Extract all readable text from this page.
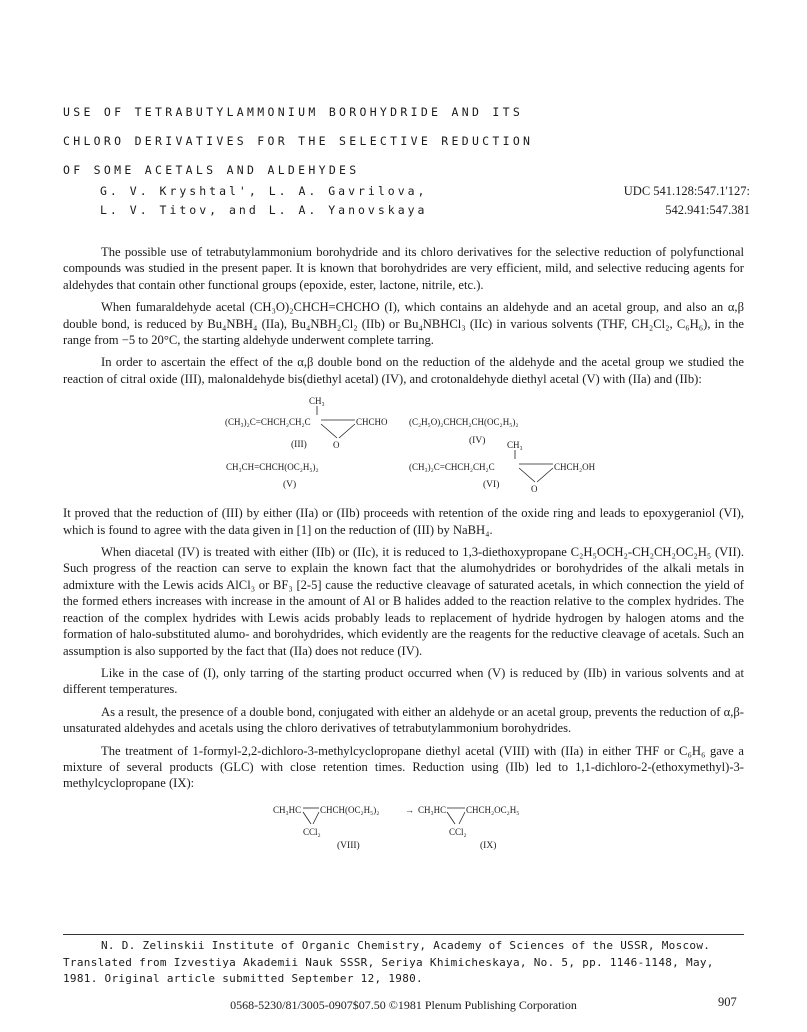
USE OF TETRABUTYLAMMONIUM BOROHYDRIDE AND ITS
CHLORO DERIVATIVES FOR THE SELECTIVE REDUCTION
OF SOME ACETALS AND ALDEHYDES
G. V. Kryshtal', L. A. Gavrilova,
L. V. Titov, and L. A. Yanovskaya
UDC 541.128:547.1'127:
542.941:547.381

The possible use of tetrabutylammonium borohydride and its chloro derivatives for the selective reduction of polyfunctional compounds was studied in the present paper. It is known that borohydrides are very efficient, mild, and selective reducing agents for aldehydes that contain other functional groups (epoxide, ester, lactone, nitrile, etc.).

When fumaraldehyde acetal (CH₃O)₂CHCH=CHCHO (I), which contains an aldehyde and an acetal group, and also an α,β double bond, is reduced by Bu₄NBH₄ (IIa), Bu₄NBH₂Cl₂ (IIb) or Bu₄NBHCl₃ (IIc) in various solvents (THF, CH₂Cl₂, C₆H₆), in the range from −5 to 20°C, the starting aldehyde underwent complete tarring.

In order to ascertain the effect of the α,β double bond on the reduction of the aldehyde and the acetal group we studied the reaction of citral oxide (III), malonaldehyde bis(diethyl acetal) (IV), and crotonaldehyde diethyl acetal (V) with (IIa) and (IIb):

CH₃
(CH₃)₂C=CHCH₂CH₂C	CHCHO
O
(III)
(C₂H₅O)₂CHCH₂CH(OC₂H₅)₂
(IV) CH₃
CH₃CH=CHCH(OC₂H₅)₂
(V)
(CH₃)₂C=CHCH₂CH₂C	CHCH₂OH
O
(VI)

It proved that the reduction of (III) by either (IIa) or (IIb) proceeds with retention of the oxide ring and leads to epoxygeraniol (VI), which is found to agree with the data given in [1] on the reduction of (III) by NaBH₄.

When diacetal (IV) is treated with either (IIb) or (IIc), it is reduced to 1,3-diethoxypropane C₂H₅OCH₂-CH₂CH₂OC₂H₅ (VII). Such progress of the reaction can serve to explain the known fact that the alumohydrides or borohydrides of the alkali metals in admixture with the Lewis acids AlCl₃ or BF₃ [2-5] cause the reductive cleavage of saturated acetals, in which connection the yield of the formed ethers increases with increase in the amount of Al or B halides added to the reaction relative to the complex hydrides. The reaction of the complex hydrides with Lewis acids probably leads to replacement of hydride hydrogen by halogen atoms and the formation of halo-substituted alumo- and borohydrides, which evidently are the reagents for the reductive cleavage of acetals. Such an assumption is also supported by the fact that (IIa) does not reduce (IV).

Like in the case of (I), only tarring of the starting product occurred when (V) is reduced by (IIb) in various solvents and at different temperatures.

As a result, the presence of a double bond, conjugated with either an aldehyde or an acetal group, prevents the reduction of α,β-unsaturated aldehydes and acetals using the chloro derivatives of tetrabutylammonium borohydrides.

The treatment of 1-formyl-2,2-dichloro-3-methylcyclopropane diethyl acetal (VIII) with (IIa) in either THF or C₆H₆ gave a mixture of several products (GLC) with close retention times. Reduction using (IIb) led to 1,1-dichloro-2-(ethoxymethyl)-3-methylcyclopropane (IX):

CH₃HC CHCH(OC₂H₅)₂	→ CH₃HC CHCH₂OC₂H₅
CCl₂	CCl₂
(VIII)	(IX)
N. D. Zelinskii Institute of Organic Chemistry, Academy of Sciences of the USSR, Moscow. Translated from Izvestiya Akademii Nauk SSSR, Seriya Khimicheskaya, No. 5, pp. 1146-1148, May, 1981. Original article submitted September 12, 1980.
0568-5230/81/3005-0907$07.50 ©1981 Plenum Publishing Corporation	907
